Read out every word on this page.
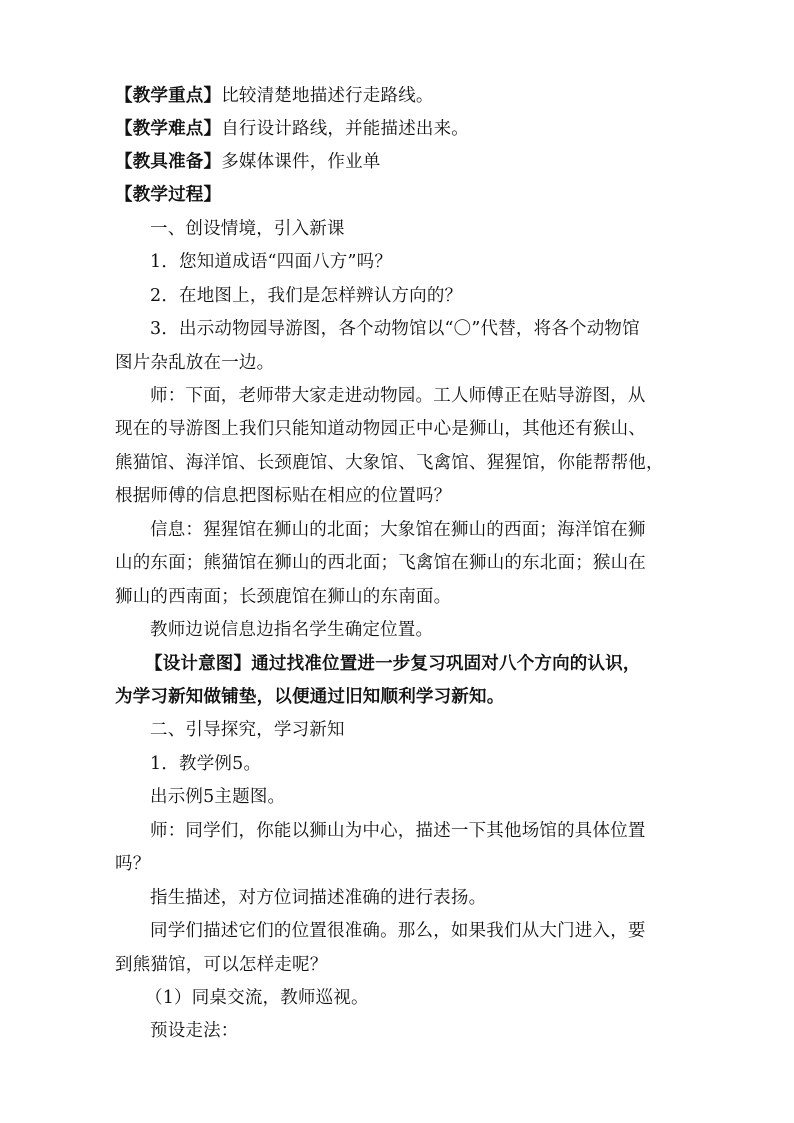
【教学重点】比较清楚地描述行走路线。
【教学难点】自行设计路线，并能描述出来。
【教具准备】多媒体课件，作业单
【教学过程】
一、创设情境，引入新课
1．您知道成语“四面八方”吗？
2．在地图上，我们是怎样辨认方向的？
3．出示动物园导游图，各个动物馆以“〇”代替，将各个动物馆
图片杂乱放在一边。
师：下面，老师带大家走进动物园。工人师傅正在贴导游图，从
现在的导游图上我们只能知道动物园正中心是狮山，其他还有猴山、
熊猫馆、海洋馆、长颈鹿馆、大象馆、飞禽馆、猩猩馆，你能帮帮他，
根据师傅的信息把图标贴在相应的位置吗？
信息：猩猩馆在狮山的北面；大象馆在狮山的西面；海洋馆在狮
山的东面；熊猫馆在狮山的西北面；飞禽馆在狮山的东北面；猴山在
狮山的西南面；长颈鹿馆在狮山的东南面。
教师边说信息边指名学生确定位置。
【设计意图】通过找准位置进一步复习巩固对八个方向的认识，
为学习新知做铺垫，以便通过旧知顺利学习新知。
二、引导探究，学习新知
1．教学例5。
出示例5主题图。
师：同学们，你能以狮山为中心，描述一下其他场馆的具体位置
吗？
指生描述，对方位词描述准确的进行表扬。
同学们描述它们的位置很准确。那么，如果我们从大门进入，要
到熊猫馆，可以怎样走呢？
（1）同桌交流，教师巡视。
预设走法：
